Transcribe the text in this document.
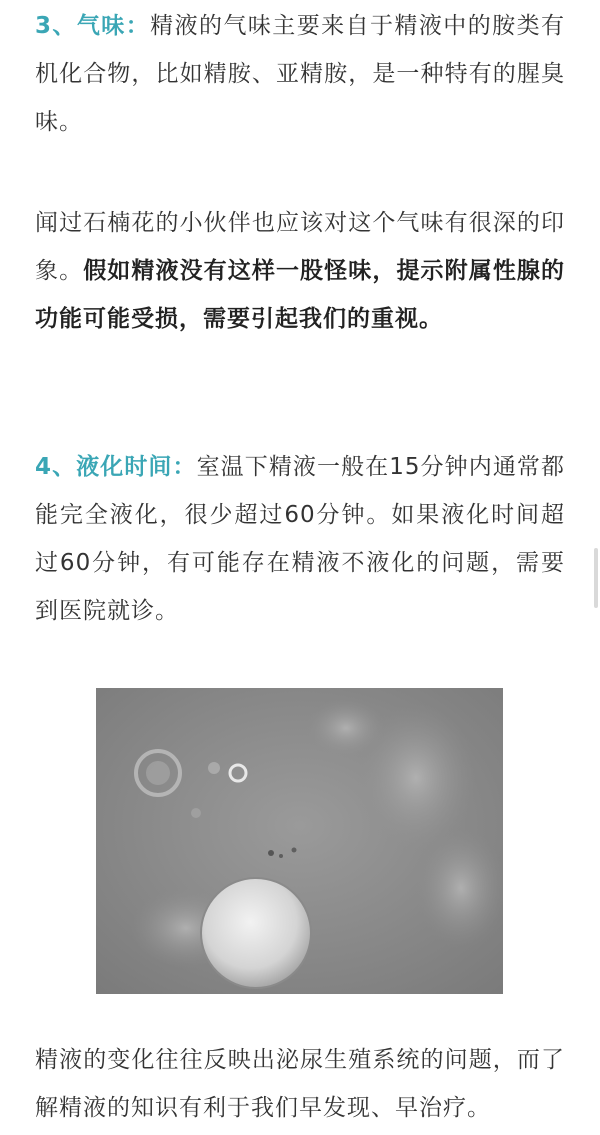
3、气味：精液的气味主要来自于精液中的胺类有机化合物，比如精胺、亚精胺，是一种特有的腥臭味。

闻过石楠花的小伙伴也应该对这个气味有很深的印象。假如精液没有这样一股怪味，提示附属性腺的功能可能受损，需要引起我们的重视。

4、液化时间：室温下精液一般在15分钟内通常都能完全液化，很少超过60分钟。如果液化时间超过60分钟，有可能存在精液不液化的问题，需要到医院就诊。

精液的变化往往反映出泌尿生殖系统的问题，而了解精液的知识有利于我们早发现、早治疗。
